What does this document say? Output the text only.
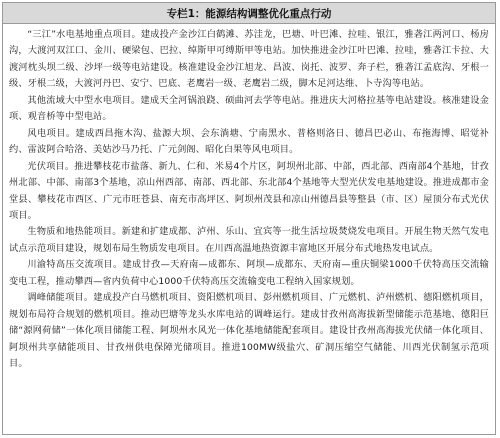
专栏1：能源结构调整优化重点行动

“三江”水电基地重点项目。建成投产金沙江白鹤滩、苏洼龙，巴塘、叶巴滩、拉哇、银江，雅砻江两河口、杨房沟，大渡河双江口、金川、硬梁包、巴拉、绰斯甲可缚斯甲等电站。加快推进金沙江叶巴滩、拉哇，雅砻江卡拉、大渡河枕头坝二级、沙坪一级等电站建设。核准建设金沙江旭龙、昌波、岗托、波罗、奔子栏，雅砻江孟底沟、牙根一级、牙根二级，大渡河丹巴、安宁、巴底、老鹰岩一级、老鹰岩二级，脚木足河达维、卜寺沟等电站。

其他流域大中型水电项目。建成天全河锅浪跷、硕曲河去学等电站。推进庆大河格拉基等电站建设。核准建设金项、观音桥等中型电站。

风电项目。建成西昌拖木沟、盐源大坝、会东淌塘、宁南黑水、普格则洛日、德昌巴必山、布拖海博、昭觉补约、雷波阿合哈洛、美姑沙马乃托、广元剑阁、昭化白果等风电项目。

光伏项目。推进攀枝花市盐落、新九、仁和、米易4个片区，阿坝州北部、中部，西北部、西南部4个基地，甘孜州北部、中部、南部3个基地，凉山州西部、南部、西北部、东北部4个基地等大型光伏发电基地建设。推进成都市金堂县、攀枝花市西区、广元市旺苍县、南充市高坪区、阿坝州茂县和凉山州德昌县等整县（市、区）屋顶分布式光伏项目。

生物质和地热能项目。新建和扩建成都、泸州、乐山、宜宾等一批生活垃圾焚烧发电项目。开展生物天然气发电试点示范项目建设，规划布局生物质发电项目。在川西高温地热资源丰富地区开展分布式地热发电试点。

川渝特高压交流项目。建成甘孜—天府南—成都东、阿坝—成都东、天府南—重庆铜梁1000千伏特高压交流输变电工程，推动攀西—省内负荷中心1000千伏特高压交流输变电工程纳入国家规划。

调峰储能项目。建成投产白马燃机项目、资阳燃机项目、彭州燃机项目、广元燃机、泸州燃机、德阳燃机项目，规划布局符合规划的燃机项目。推动巴塘等龙头水库电站的调峰运行。建成甘孜州高海拔新型储能示范基地、德阳巨储“源网荷储”一体化项目储能工程、阿坝州水风光一体化基地储能配套项目。建设甘孜州高海拔光伏储一体化项目、阿坝州共享储能项目、甘孜州供电保障光储项目。推进100MW级盐穴、矿洞压缩空气储能、川西光伏制氢示范项目。
